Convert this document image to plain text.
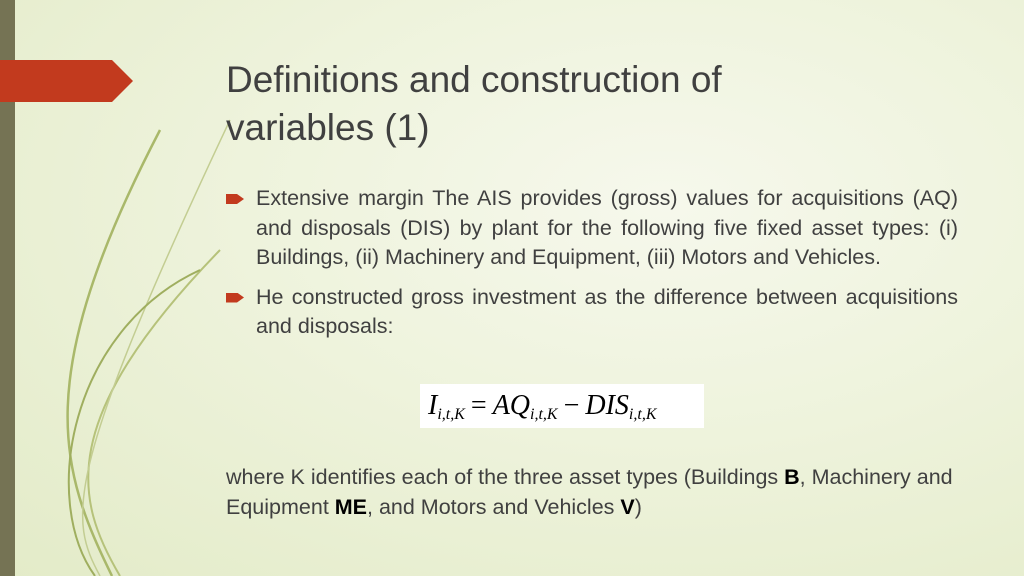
Definitions and construction of variables (1)
Extensive margin The AIS provides (gross) values for acquisitions (AQ) and disposals (DIS) by plant for the following five fixed asset types: (i) Buildings, (ii) Machinery and Equipment, (iii) Motors and Vehicles.
He constructed gross investment as the difference between acquisitions and disposals:
$I_{i,t,K} = AQ_{i,t,K} - DIS_{i,t,K}$
where K identifies each of the three asset types (Buildings B, Machinery and Equipment ME, and Motors and Vehicles V)
